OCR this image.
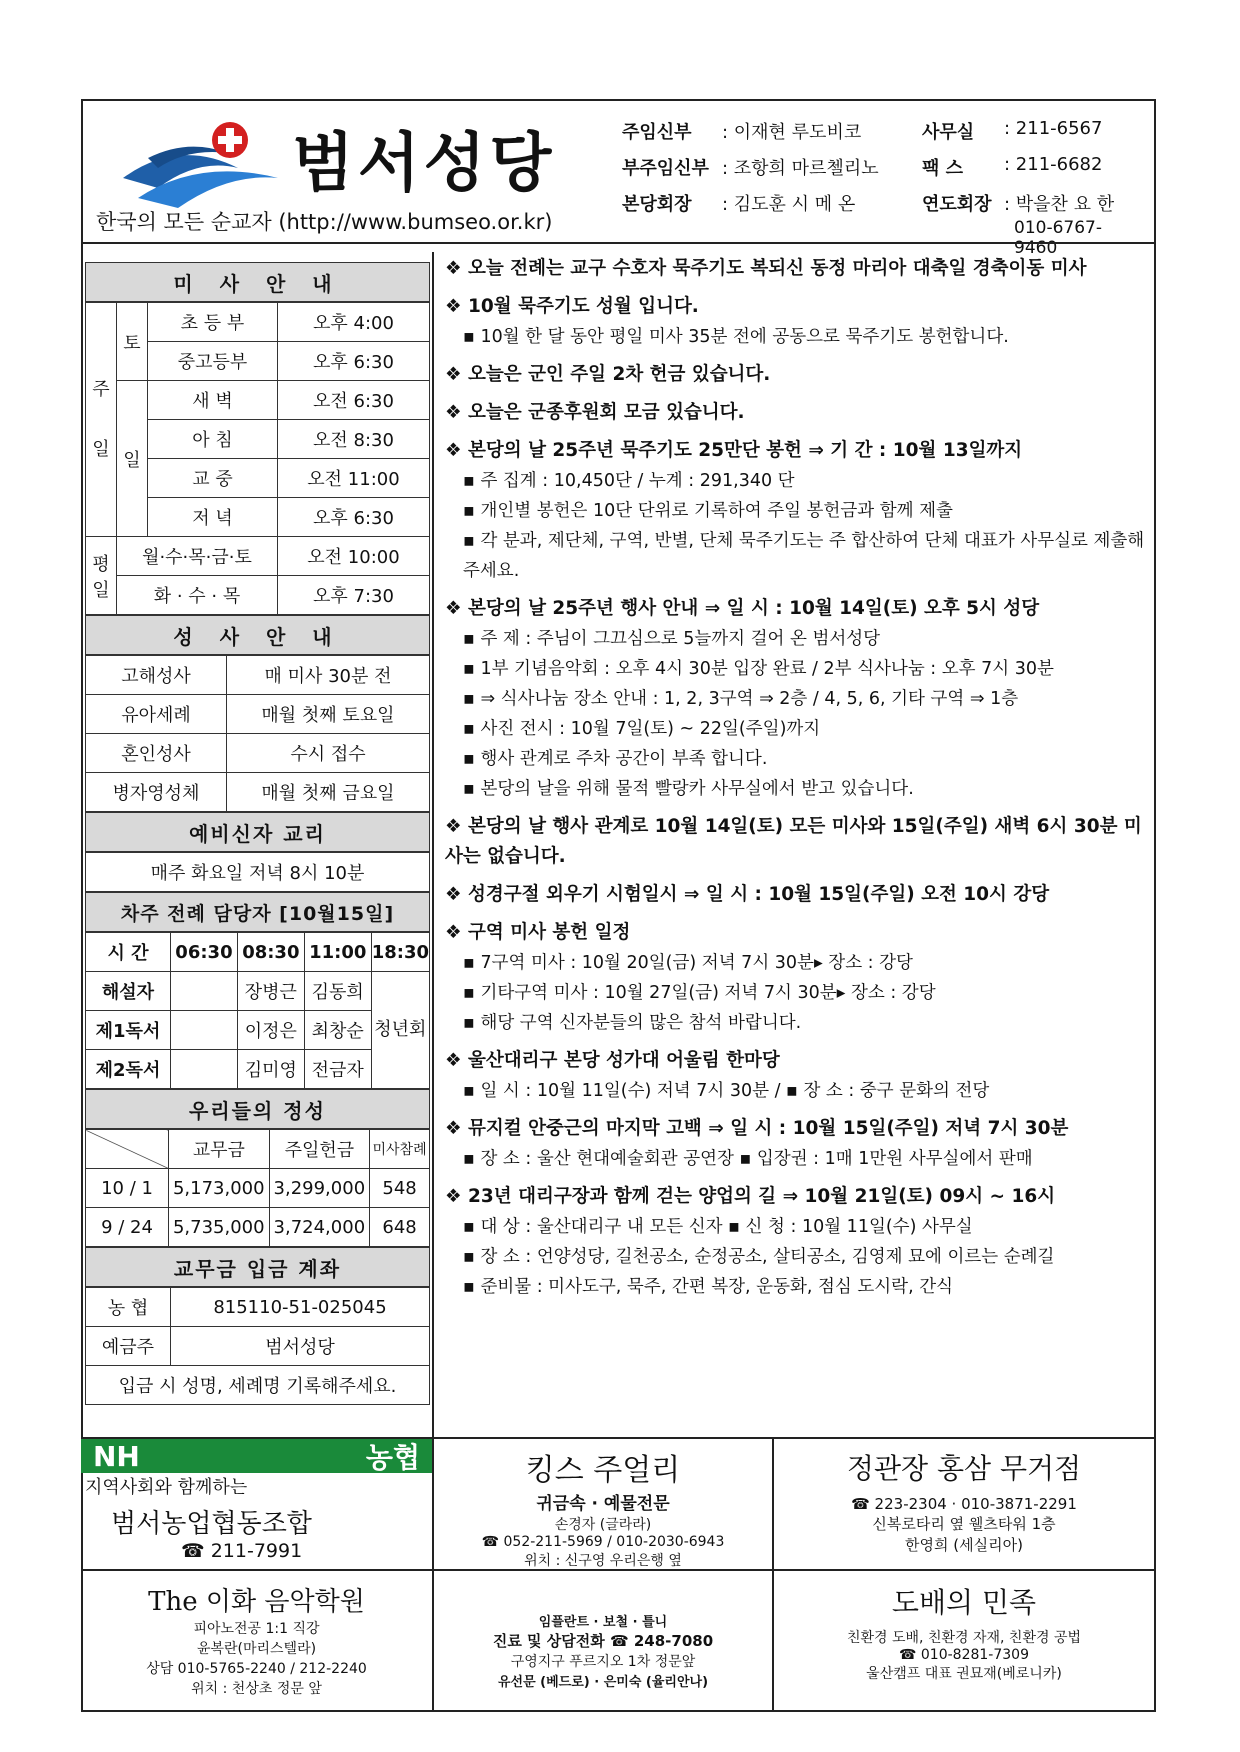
범서성당
한국의 모든 순교자 (http://www.bumseo.or.kr)
주임신부	: 이재현 루도비코	사무실	: 211-6567
부주임신부 : 조항희 마르첼리노	팩 스	: 211-6682
본당회장	: 김도훈 시 메 온	연도회장 : 박을찬 요 한
010-6767-9460
미 사 안 내
주일	토	초 등 부	오후 4:00
		중고등부	오후 6:30
	일	새 벽	오전 6:30
		아 침	오전 8:30
		교 중	오전 11:00
		저 녁	오후 6:30
평일	월·수·목·금·토		오전 10:00
	화 · 수 · 목		오후 7:30
성 사 안 내
고해성사	매 미사 30분 전
유아세례	매월 첫째 토요일
혼인성사	수시 접수
병자영성체	매월 첫째 금요일
예비신자 교리
매주 화요일 저녁 8시 10분
차주 전례 담당자 [10월15일]
시 간	06:30	08:30	11:00	18:30
해설자		장병근	김동희	청년회
제1독서		이정은	최창순	
제2독서		김미영	전금자	
우리들의 정성
	교무금	주일헌금	미사참례
10 / 1	5,173,000	3,299,000	548
9 / 24	5,735,000	3,724,000	648
교무금 입금 계좌
농 협	815110-51-025045
예금주	범서성당
입금 시 성명, 세례명 기록해주세요.	
❖ 오늘 전례는 교구 수호자 묵주기도 복되신 동정 마리아 대축일 경축이동 미사
❖ 10월 묵주기도 성월 입니다.
▪ 10월 한 달 동안 평일 미사 35분 전에 공동으로 묵주기도 봉헌합니다.
❖ 오늘은 군인 주일 2차 헌금 있습니다.
❖ 오늘은 군종후원회 모금 있습니다.
❖ 본당의 날 25주년 묵주기도 25만단 봉헌 ⇒ 기 간 : 10월 13일까지
▪ 주 집계 : 10,450단 / 누계 : 291,340 단
▪ 개인별 봉헌은 10단 단위로 기록하여 주일 봉헌금과 함께 제출
▪ 각 분과, 제단체, 구역, 반별, 단체 묵주기도는 주 합산하여 단체 대표가 사무실로 제출해 주세요.
❖ 본당의 날 25주년 행사 안내 ⇒ 일 시 : 10월 14일(토) 오후 5시 성당
▪ 주 제 : 주님이 그끄심으로 5늘까지 걸어 온 범서성당
▪ 1부 기념음악회 : 오후 4시 30분 입장 완료 / 2부 식사나눔 : 오후 7시 30분
▪ ⇒ 식사나눔 장소 안내 : 1, 2, 3구역 ⇒ 2층 / 4, 5, 6, 기타 구역 ⇒ 1층
▪ 사진 전시 : 10월 7일(토) ~ 22일(주일)까지
▪ 행사 관계로 주차 공간이 부족 합니다.
▪ 본당의 날을 위해 물적 빨랑카 사무실에서 받고 있습니다.
❖ 본당의 날 행사 관계로 10월 14일(토) 모든 미사와 15일(주일) 새벽 6시 30분 미사는 없습니다.
❖ 성경구절 외우기 시험일시 ⇒ 일 시 : 10월 15일(주일) 오전 10시 강당
❖ 구역 미사 봉헌 일정
▪ 7구역 미사 : 10월 20일(금) 저녁 7시 30분▸ 장소 : 강당
▪ 기타구역 미사 : 10월 27일(금) 저녁 7시 30분▸ 장소 : 강당
▪ 해당 구역 신자분들의 많은 참석 바랍니다.
❖ 울산대리구 본당 성가대 어울림 한마당
▪ 일 시 : 10월 11일(수) 저녁 7시 30분 / ▪ 장 소 : 중구 문화의 전당
❖ 뮤지컬 안중근의 마지막 고백 ⇒ 일 시 : 10월 15일(주일) 저녁 7시 30분
▪ 장 소 : 울산 현대예술회관 공연장 ▪ 입장권 : 1매 1만원 사무실에서 판매
❖ 23년 대리구장과 함께 걷는 양업의 길 ⇒ 10월 21일(토) 09시 ~ 16시
▪ 대 상 : 울산대리구 내 모든 신자 ▪ 신 청 : 10월 11일(수) 사무실
▪ 장 소 : 언양성당, 길천공소, 순정공소, 살티공소, 김영제 묘에 이르는 순례길
▪ 준비물 : 미사도구, 묵주, 간편 복장, 운동화, 점심 도시락, 간식
NH	농협
지역사회와 함께하는
범서농업협동조합
☎ 211-7991
킹스 주얼리
귀금속 · 예물전문
손경자 (글라라)
☎ 052-211-5969 / 010-2030-6943
위치 : 신구영 우리은행 옆
정관장 홍삼 무거점
☎ 223-2304 · 010-3871-2291
신복로타리 옆 웰츠타워 1층
한영희 (세실리아)
The 이화 음악학원
피아노전공 1:1 직강
윤복란(마리스텔라)
상담 010-5765-2240 / 212-2240
위치 : 천상초 정문 앞
임플란트 · 보철 · 틀니
진료 및 상담전화 ☎ 248-7080
구영지구 푸르지오 1차 정문앞
유선문 (베드로) · 은미숙 (율리안나)
도배의 민족
친환경 도배, 친환경 자재, 친환경 공법
☎ 010-8281-7309
울산캠프 대표 권묘재(베로니카)
